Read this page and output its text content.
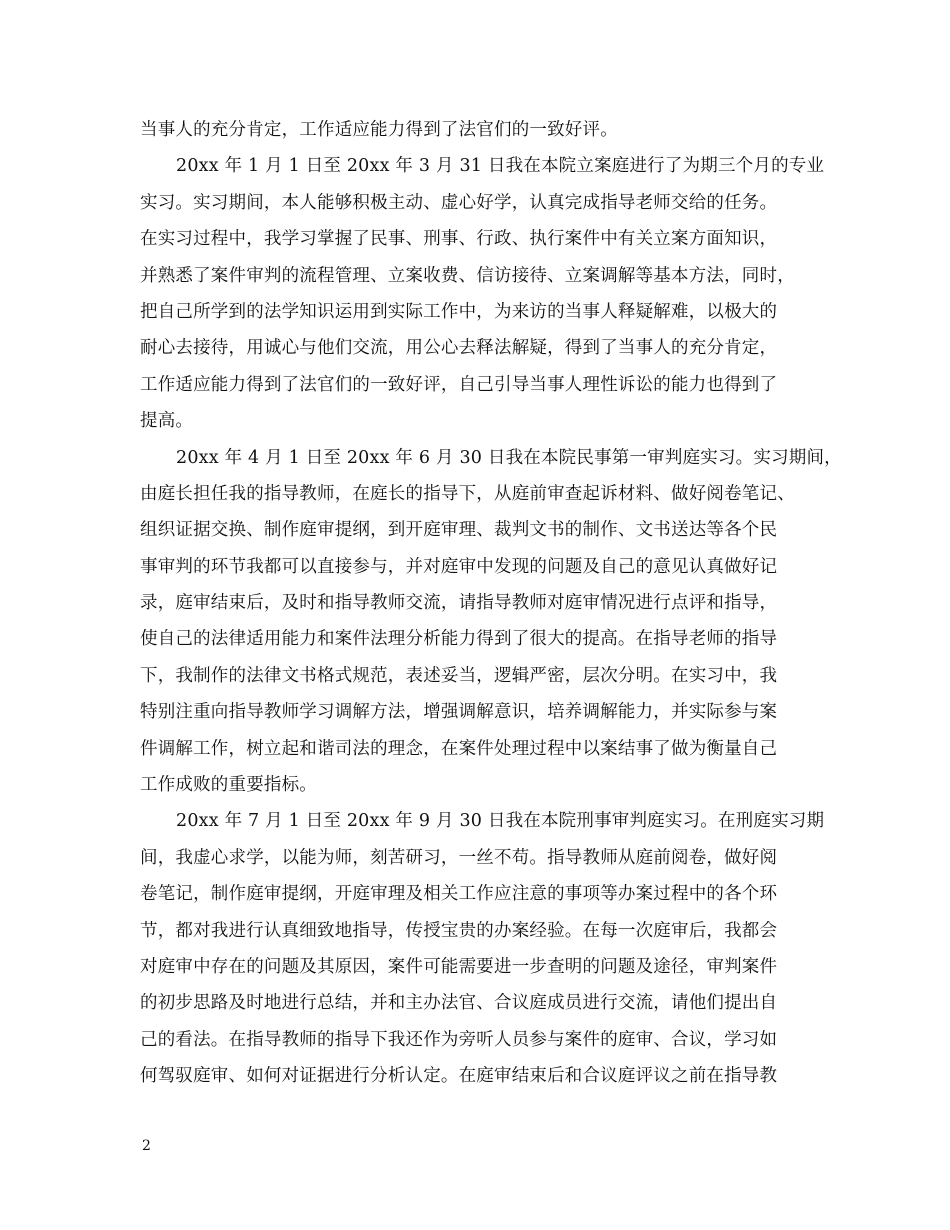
当事人的充分肯定，工作适应能力得到了法官们的一致好评。
20xx 年 1 月 1 日至 20xx 年 3 月 31 日我在本院立案庭进行了为期三个月的专业
实习。实习期间，本人能够积极主动、虚心好学，认真完成指导老师交给的任务。
在实习过程中，我学习掌握了民事、刑事、行政、执行案件中有关立案方面知识，
并熟悉了案件审判的流程管理、立案收费、信访接待、立案调解等基本方法，同时，
把自己所学到的法学知识运用到实际工作中，为来访的当事人释疑解难，以极大的
耐心去接待，用诚心与他们交流，用公心去释法解疑，得到了当事人的充分肯定，
工作适应能力得到了法官们的一致好评，自己引导当事人理性诉讼的能力也得到了
提高。
20xx 年 4 月 1 日至 20xx 年 6 月 30 日我在本院民事第一审判庭实习。实习期间，
由庭长担任我的指导教师，在庭长的指导下，从庭前审查起诉材料、做好阅卷笔记、
组织证据交换、制作庭审提纲，到开庭审理、裁判文书的制作、文书送达等各个民
事审判的环节我都可以直接参与，并对庭审中发现的问题及自己的意见认真做好记
录，庭审结束后，及时和指导教师交流，请指导教师对庭审情况进行点评和指导，
使自己的法律适用能力和案件法理分析能力得到了很大的提高。在指导老师的指导
下，我制作的法律文书格式规范，表述妥当，逻辑严密，层次分明。在实习中，我
特别注重向指导教师学习调解方法，增强调解意识，培养调解能力，并实际参与案
件调解工作，树立起和谐司法的理念，在案件处理过程中以案结事了做为衡量自己
工作成败的重要指标。
20xx 年 7 月 1 日至 20xx 年 9 月 30 日我在本院刑事审判庭实习。在刑庭实习期
间，我虚心求学，以能为师，刻苦研习，一丝不苟。指导教师从庭前阅卷，做好阅
卷笔记，制作庭审提纲，开庭审理及相关工作应注意的事项等办案过程中的各个环
节，都对我进行认真细致地指导，传授宝贵的办案经验。在每一次庭审后，我都会
对庭审中存在的问题及其原因，案件可能需要进一步查明的问题及途径，审判案件
的初步思路及时地进行总结，并和主办法官、合议庭成员进行交流，请他们提出自
己的看法。在指导教师的指导下我还作为旁听人员参与案件的庭审、合议，学习如
何驾驭庭审、如何对证据进行分析认定。在庭审结束后和合议庭评议之前在指导教
2
